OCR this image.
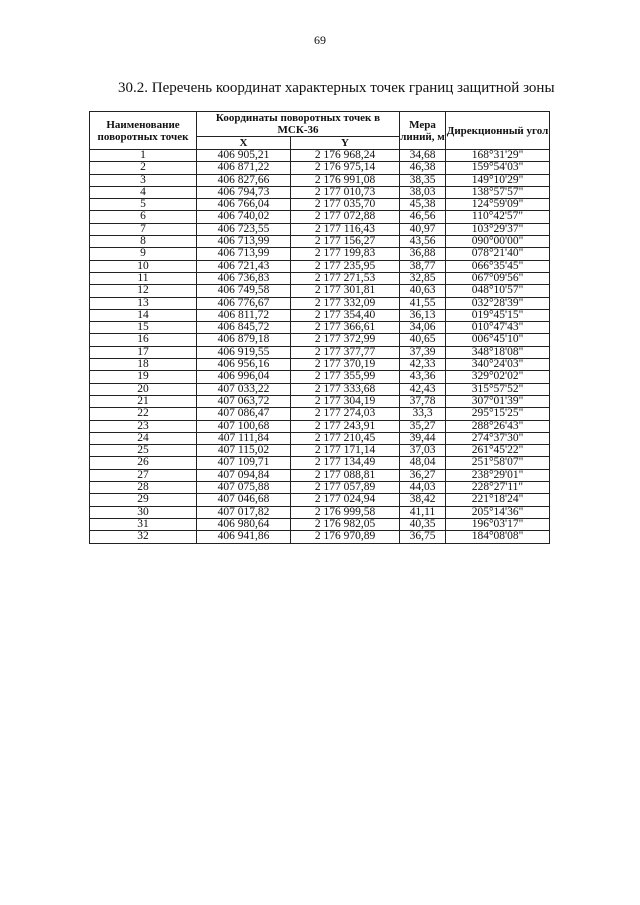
69
30.2. Перечень координат характерных точек границ защитной зоны
Наименование поворотных точек	Координаты поворотных точек в МСК-36		Мера линий, м	Дирекционный угол
	X	Y		
1	406 905,21	2 176 968,24	34,68	168°31'29"
2	406 871,22	2 176 975,14	46,38	159°54'03"
3	406 827,66	2 176 991,08	38,35	149°10'29"
4	406 794,73	2 177 010,73	38,03	138°57'57"
5	406 766,04	2 177 035,70	45,38	124°59'09"
6	406 740,02	2 177 072,88	46,56	110°42'57"
7	406 723,55	2 177 116,43	40,97	103°29'37"
8	406 713,99	2 177 156,27	43,56	090°00'00"
9	406 713,99	2 177 199,83	36,88	078°21'40"
10	406 721,43	2 177 235,95	38,77	066°35'45"
11	406 736,83	2 177 271,53	32,85	067°09'56"
12	406 749,58	2 177 301,81	40,63	048°10'57"
13	406 776,67	2 177 332,09	41,55	032°28'39"
14	406 811,72	2 177 354,40	36,13	019°45'15"
15	406 845,72	2 177 366,61	34,06	010°47'43"
16	406 879,18	2 177 372,99	40,65	006°45'10"
17	406 919,55	2 177 377,77	37,39	348°18'08"
18	406 956,16	2 177 370,19	42,33	340°24'03"
19	406 996,04	2 177 355,99	43,36	329°02'02"
20	407 033,22	2 177 333,68	42,43	315°57'52"
21	407 063,72	2 177 304,19	37,78	307°01'39"
22	407 086,47	2 177 274,03	33,3	295°15'25"
23	407 100,68	2 177 243,91	35,27	288°26'43"
24	407 111,84	2 177 210,45	39,44	274°37'30"
25	407 115,02	2 177 171,14	37,03	261°45'22"
26	407 109,71	2 177 134,49	48,04	251°58'07"
27	407 094,84	2 177 088,81	36,27	238°29'01"
28	407 075,88	2 177 057,89	44,03	228°27'11"
29	407 046,68	2 177 024,94	38,42	221°18'24"
30	407 017,82	2 176 999,58	41,11	205°14'36"
31	406 980,64	2 176 982,05	40,35	196°03'17"
32	406 941,86	2 176 970,89	36,75	184°08'08"
